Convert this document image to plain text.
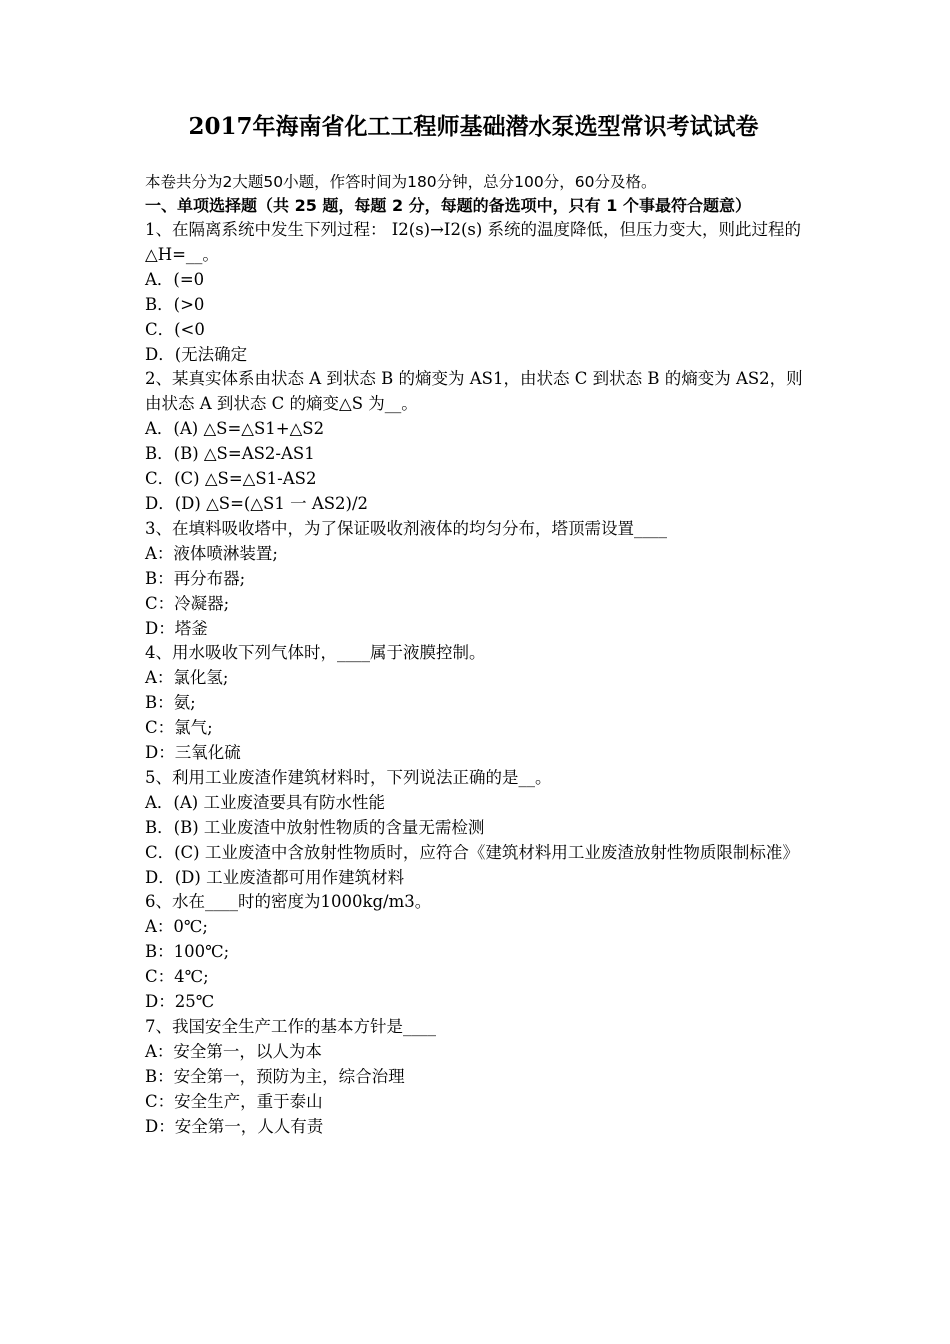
2017年海南省化工工程师基础潜水泵选型常识考试试卷
本卷共分为2大题50小题，作答时间为180分钟，总分100分，60分及格。
一、单项选择题（共 25 题，每题 2 分，每题的备选项中，只有 1 个事最符合题意）
1、在隔离系统中发生下列过程： I2(s)→I2(s) 系统的温度降低，但压力变大，则此过程的△H=__。
A．(=0
B．(>0
C．(<0
D．(无法确定
2、某真实体系由状态 A 到状态 B 的熵变为 AS1，由状态 C 到状态 B 的熵变为 AS2，则由状态 A 到状态 C 的熵变△S 为__。
A．(A) △S=△S1+△S2
B．(B) △S=AS2-AS1
C．(C) △S=△S1-AS2
D．(D) △S=(△S1 一 AS2)/2
3、在填料吸收塔中，为了保证吸收剂液体的均匀分布，塔顶需设置____
A：液体喷淋装置;
B：再分布器;
C：冷凝器;
D：塔釜
4、用水吸收下列气体时，____属于液膜控制。
A：氯化氢;
B：氨;
C：氯气;
D：三氧化硫
5、利用工业废渣作建筑材料时，下列说法正确的是__。
A．(A) 工业废渣要具有防水性能
B．(B) 工业废渣中放射性物质的含量无需检测
C．(C) 工业废渣中含放射性物质时，应符合《建筑材料用工业废渣放射性物质限制标准》
D．(D) 工业废渣都可用作建筑材料
6、水在____时的密度为1000kg/m3。
A：0℃;
B：100℃;
C：4℃;
D：25℃
7、我国安全生产工作的基本方针是____
A：安全第一，以人为本
B：安全第一，预防为主，综合治理
C：安全生产，重于泰山
D：安全第一，人人有责
